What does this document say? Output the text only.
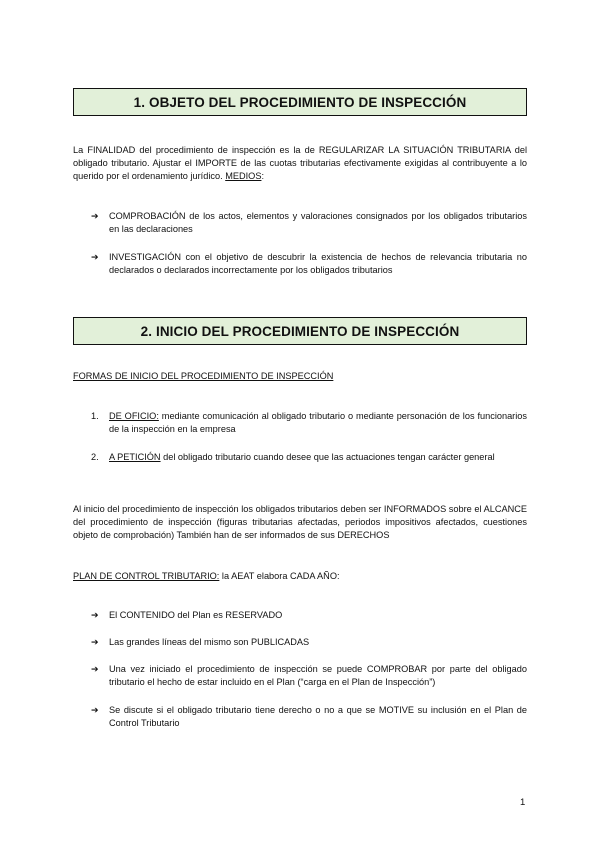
1. OBJETO DEL PROCEDIMIENTO DE INSPECCIÓN

La FINALIDAD del procedimiento de inspección es la de REGULARIZAR LA SITUACIÓN TRIBUTARIA del obligado tributario. Ajustar el IMPORTE de las cuotas tributarias efectivamente exigidas al contribuyente a lo querido por el ordenamiento jurídico. MEDIOS:

➔	COMPROBACIÓN de los actos, elementos y valoraciones consignados por los obligados tributarios en las declaraciones
➔	INVESTIGACIÓN con el objetivo de descubrir la existencia de hechos de relevancia tributaria no declarados o declarados incorrectamente por los obligados tributarios
2. INICIO DEL PROCEDIMIENTO DE INSPECCIÓN
FORMAS DE INICIO DEL PROCEDIMIENTO DE INSPECCIÓN
1.	DE OFICIO: mediante comunicación al obligado tributario o mediante personación de los funcionarios de la inspección en la empresa
2.	A PETICIÓN del obligado tributario cuando desee que las actuaciones tengan carácter general

Al inicio del procedimiento de inspección los obligados tributarios deben ser INFORMADOS sobre el ALCANCE del procedimiento de inspección (figuras tributarias afectadas, periodos impositivos afectados, cuestiones objeto de comprobación) También han de ser informados de sus DERECHOS

PLAN DE CONTROL TRIBUTARIO: la AEAT elabora CADA AÑO:
➔	El CONTENIDO del Plan es RESERVADO
➔	Las grandes líneas del mismo son PUBLICADAS
➔	Una vez iniciado el procedimiento de inspección se puede COMPROBAR por parte del obligado tributario el hecho de estar incluido en el Plan (“carga en el Plan de Inspección”)
➔	Se discute si el obligado tributario tiene derecho o no a que se MOTIVE su inclusión en el Plan de Control Tributario
1
